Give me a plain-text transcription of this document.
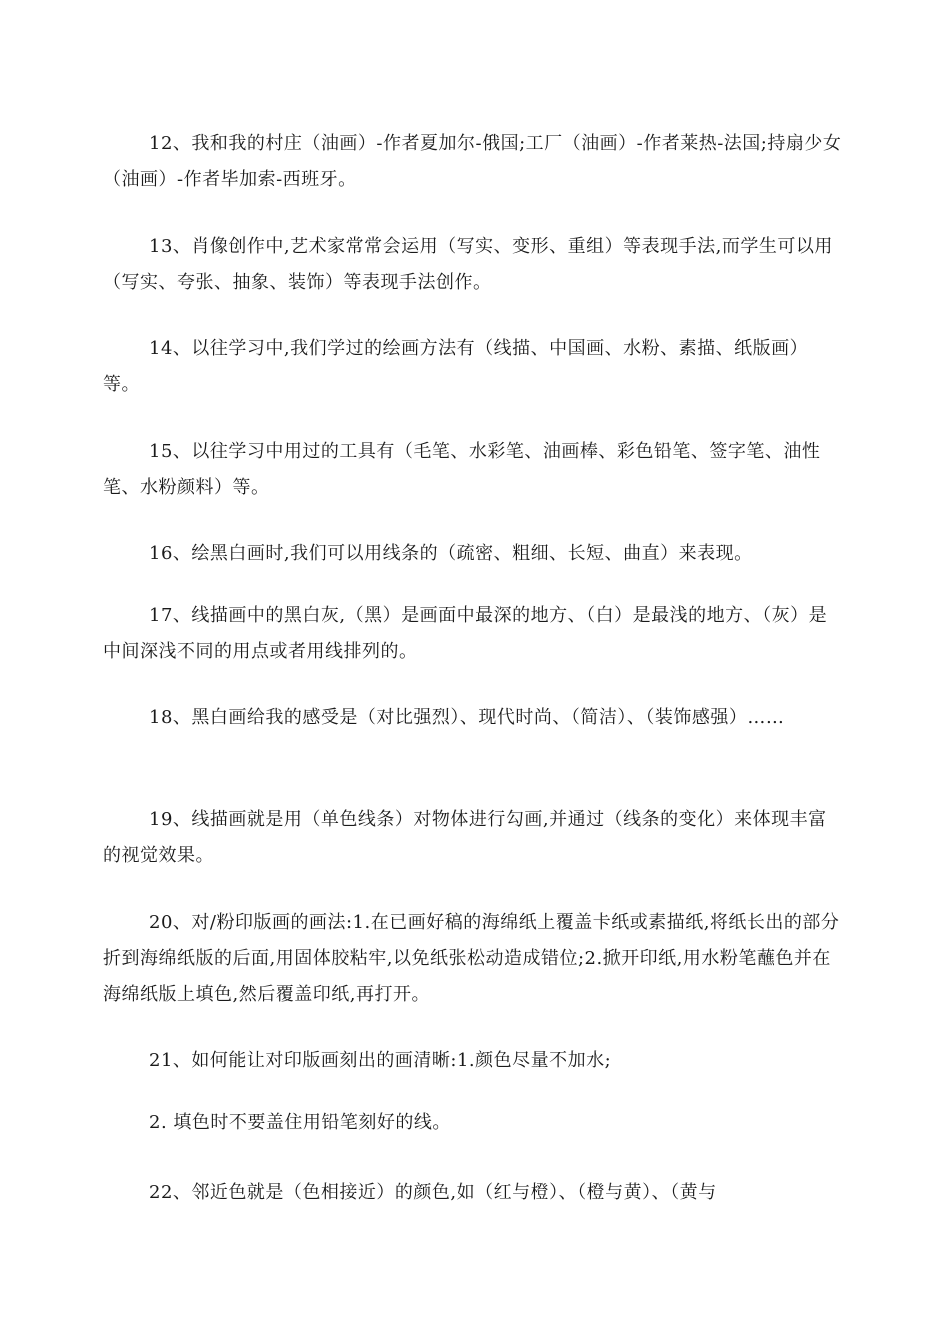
12、我和我的村庄（油画）-作者夏加尔-俄国;工厂（油画）-作者莱热-法国;持扇少女（油画）-作者毕加索-西班牙。

13、肖像创作中,艺术家常常会运用（写实、变形、重组）等表现手法,而学生可以用（写实、夸张、抽象、装饰）等表现手法创作。

14、以往学习中,我们学过的绘画方法有（线描、中国画、水粉、素描、纸版画）等。

15、以往学习中用过的工具有（毛笔、水彩笔、油画棒、彩色铅笔、签字笔、油性笔、水粉颜料）等。

16、绘黑白画时,我们可以用线条的（疏密、粗细、长短、曲直）来表现。

17、线描画中的黑白灰,（黑）是画面中最深的地方、（白）是最浅的地方、（灰）是中间深浅不同的用点或者用线排列的。

18、黑白画给我的感受是（对比强烈）、现代时尚、（简洁）、（装饰感强）……

19、线描画就是用（单色线条）对物体进行勾画,并通过（线条的变化）来体现丰富的视觉效果。

20、对/粉印版画的画法:1.在已画好稿的海绵纸上覆盖卡纸或素描纸,将纸长出的部分折到海绵纸版的后面,用固体胶粘牢,以免纸张松动造成错位;2.掀开印纸,用水粉笔蘸色并在海绵纸版上填色,然后覆盖印纸,再打开。

21、如何能让对印版画刻出的画清晰:1.颜色尽量不加水;

2. 填色时不要盖住用铅笔刻好的线。

22、邻近色就是（色相接近）的颜色,如（红与橙）、（橙与黄）、（黄与
